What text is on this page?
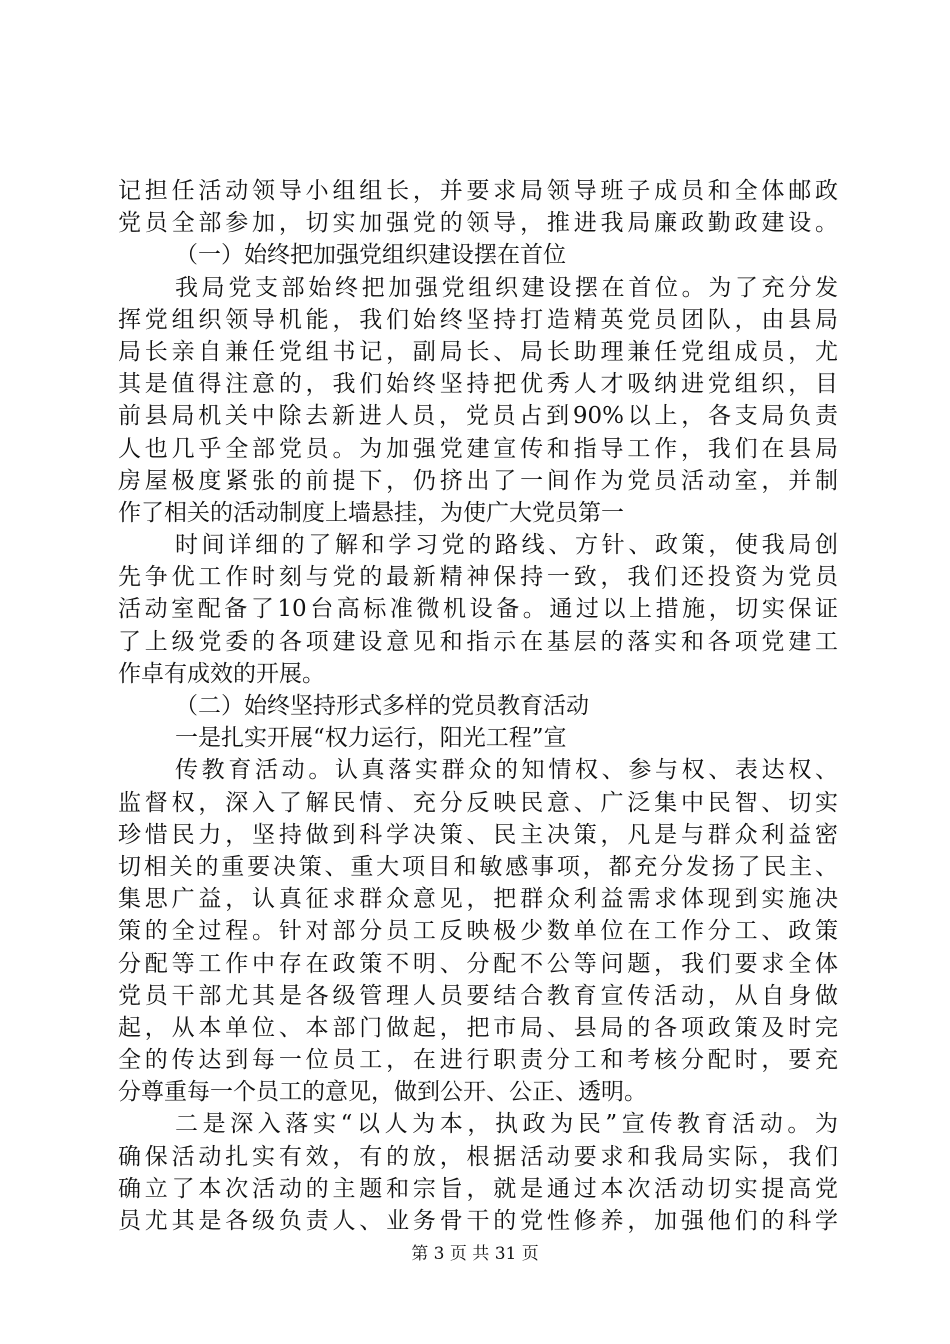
记担任活动领导小组组长，并要求局领导班子成员和全体邮政
党员全部参加，切实加强党的领导，推进我局廉政勤政建设。
（一）始终把加强党组织建设摆在首位
我局党支部始终把加强党组织建设摆在首位。为了充分发
挥党组织领导机能，我们始终坚持打造精英党员团队，由县局
局长亲自兼任党组书记，副局长、局长助理兼任党组成员，尤
其是值得注意的，我们始终坚持把优秀人才吸纳进党组织，目
前县局机关中除去新进人员，党员占到90%以上，各支局负责
人也几乎全部党员。为加强党建宣传和指导工作，我们在县局
房屋极度紧张的前提下，仍挤出了一间作为党员活动室，并制
作了相关的活动制度上墙悬挂，为使广大党员第一
时间详细的了解和学习党的路线、方针、政策，使我局创
先争优工作时刻与党的最新精神保持一致，我们还投资为党员
活动室配备了10台高标准微机设备。通过以上措施，切实保证
了上级党委的各项建设意见和指示在基层的落实和各项党建工
作卓有成效的开展。
（二）始终坚持形式多样的党员教育活动
一是扎实开展“权力运行，阳光工程”宣
传教育活动。认真落实群众的知情权、参与权、表达权、
监督权，深入了解民情、充分反映民意、广泛集中民智、切实
珍惜民力，坚持做到科学决策、民主决策，凡是与群众利益密
切相关的重要决策、重大项目和敏感事项，都充分发扬了民主、
集思广益，认真征求群众意见，把群众利益需求体现到实施决
策的全过程。针对部分员工反映极少数单位在工作分工、政策
分配等工作中存在政策不明、分配不公等问题，我们要求全体
党员干部尤其是各级管理人员要结合教育宣传活动，从自身做
起，从本单位、本部门做起，把市局、县局的各项政策及时完
全的传达到每一位员工，在进行职责分工和考核分配时，要充
分尊重每一个员工的意见，做到公开、公正、透明。
二是深入落实“以人为本，执政为民”宣传教育活动。为
确保活动扎实有效，有的放，根据活动要求和我局实际，我们
确立了本次活动的主题和宗旨，就是通过本次活动切实提高党
员尤其是各级负责人、业务骨干的党性修养，加强他们的科学
第 3 页 共 31 页
